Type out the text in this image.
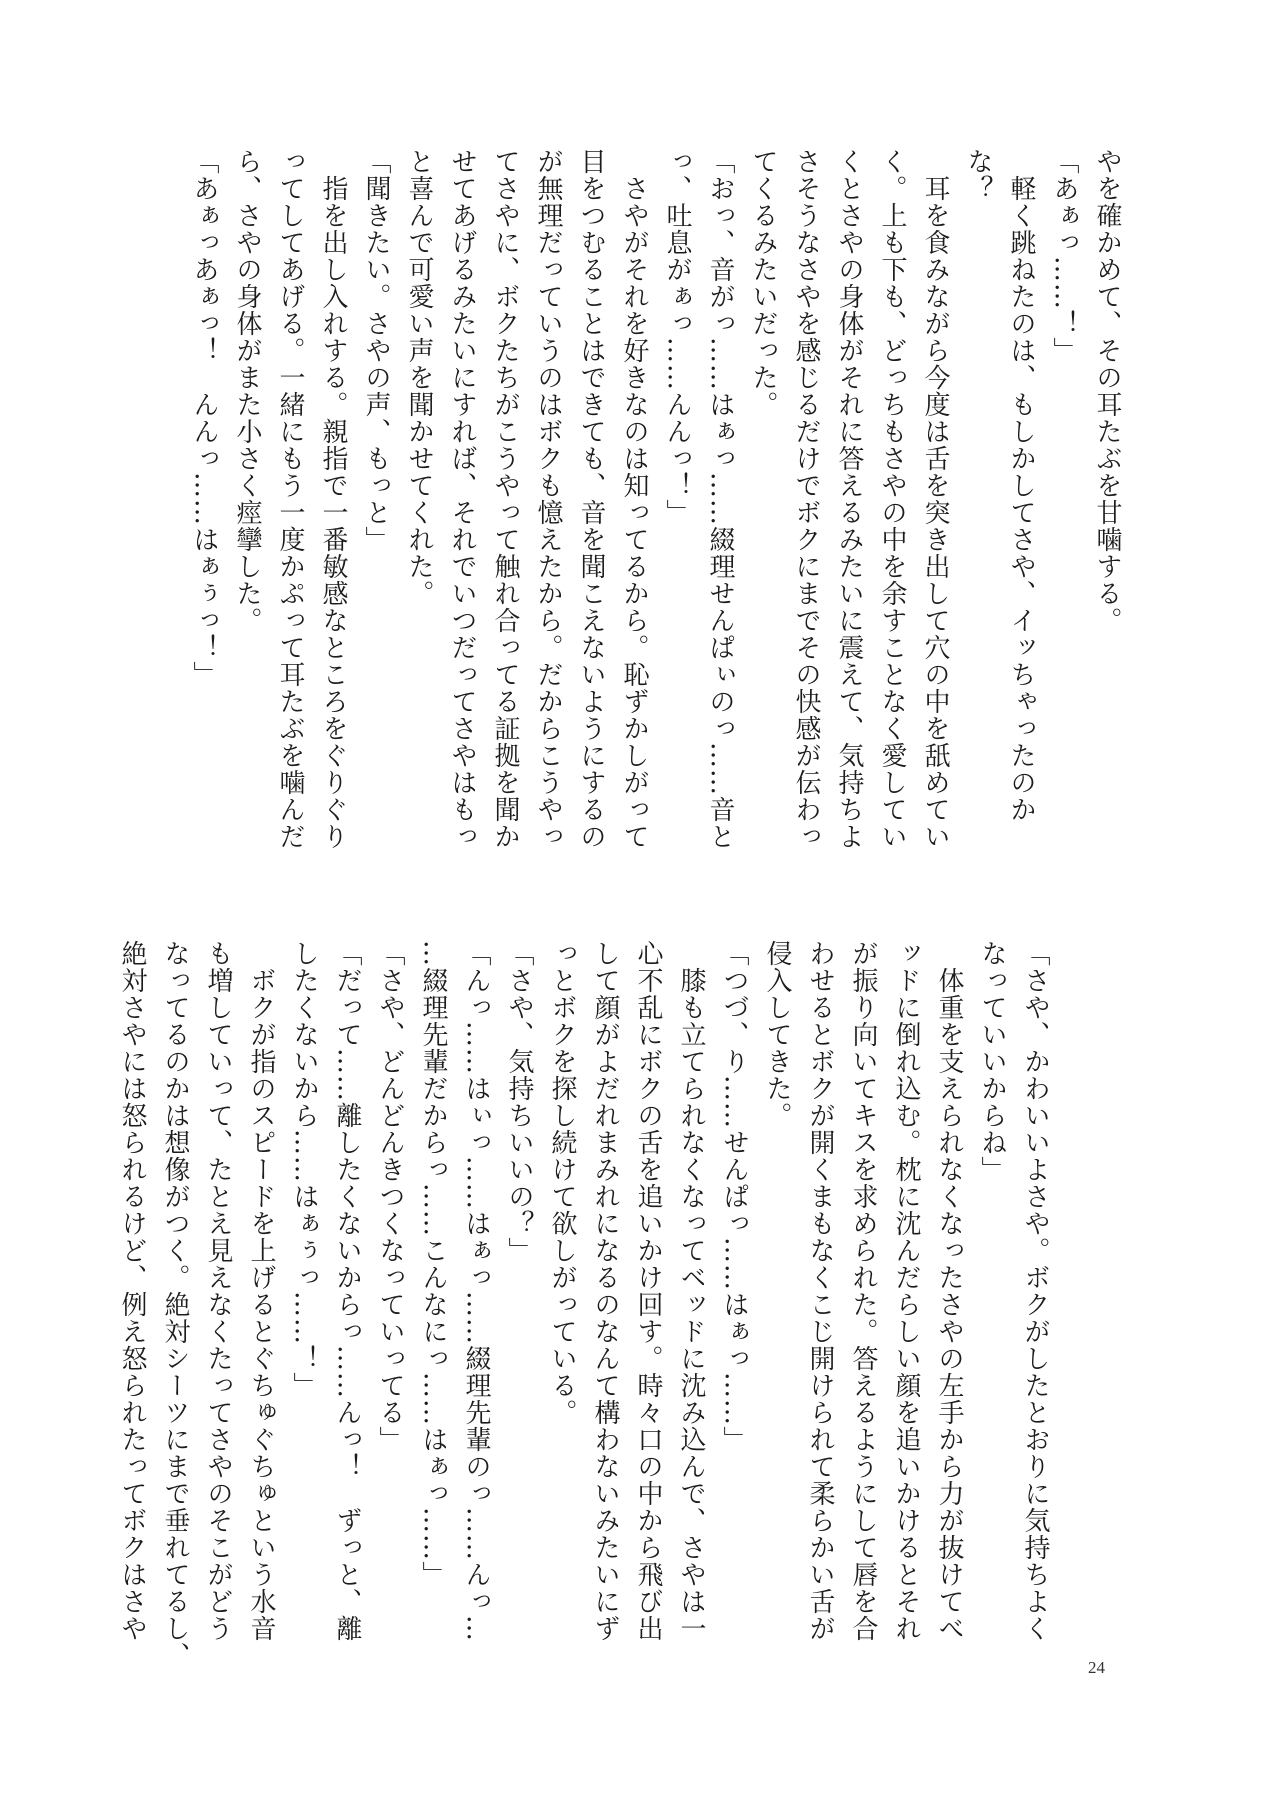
やを確かめて、その耳たぶを甘噛する。
「あぁっ……！」
　軽く跳ねたのは、もしかしてさや、イッちゃったのか
な？
　耳を食みながら今度は舌を突き出して穴の中を舐めてい
く。上も下も、どっちもさやの中を余すことなく愛してい
くとさやの身体がそれに答えるみたいに震えて、気持ちよ
さそうなさやを感じるだけでボクにまでその快感が伝わっ
てくるみたいだった。
「おっ、音がっ……はぁっ……綴理せんぱぃのっ……音と
っ、吐息がぁっ……んんっ！」
　さやがそれを好きなのは知ってるから。恥ずかしがって
目をつむることはできても、音を聞こえないようにするの
が無理だっていうのはボクも憶えたから。だからこうやっ
てさやに、ボクたちがこうやって触れ合ってる証拠を聞か
せてあげるみたいにすれば、それでいつだってさやはもっ
と喜んで可愛い声を聞かせてくれた。
「聞きたい。さやの声、もっと」
　指を出し入れする。親指で一番敏感なところをぐりぐり
ってしてあげる。一緒にもう一度かぷって耳たぶを噛んだ
ら、さやの身体がまた小さく痙攣した。
「あぁっあぁっ！　んんっ……はぁぅっ！」
「さや、かわいいよさや。ボクがしたとおりに気持ちよく
なっていいからね」
　体重を支えられなくなったさやの左手から力が抜けてべ
ッドに倒れ込む。枕に沈んだらしい顔を追いかけるとそれ
が振り向いてキスを求められた。答えるようにして唇を合
わせるとボクが開くまもなくこじ開けられて柔らかい舌が
侵入してきた。
「つづ、り……せんぱっ……はぁっ……」
　膝も立てられなくなってベッドに沈み込んで、さやは一
心不乱にボクの舌を追いかけ回す。時々口の中から飛び出
して顔がよだれまみれになるのなんて構わないみたいにず
っとボクを探し続けて欲しがっている。
「さや、気持ちいいの？」
「んっ……はぃっ……はぁっ……綴理先輩のっ……んっ…
…綴理先輩だからっ……こんなにっ……はぁっ……」
「さや、どんどんきつくなっていってる」
「だって……離したくないからっ……んっ！　ずっと、離
したくないから……はぁぅっ……！」
　ボクが指のスピードを上げるとぐちゅぐちゅという水音
も増していって、たとえ見えなくたってさやのそこがどう
なってるのかは想像がつく。絶対シーツにまで垂れてるし、
絶対さやには怒られるけど、例え怒られたってボクはさや
24
